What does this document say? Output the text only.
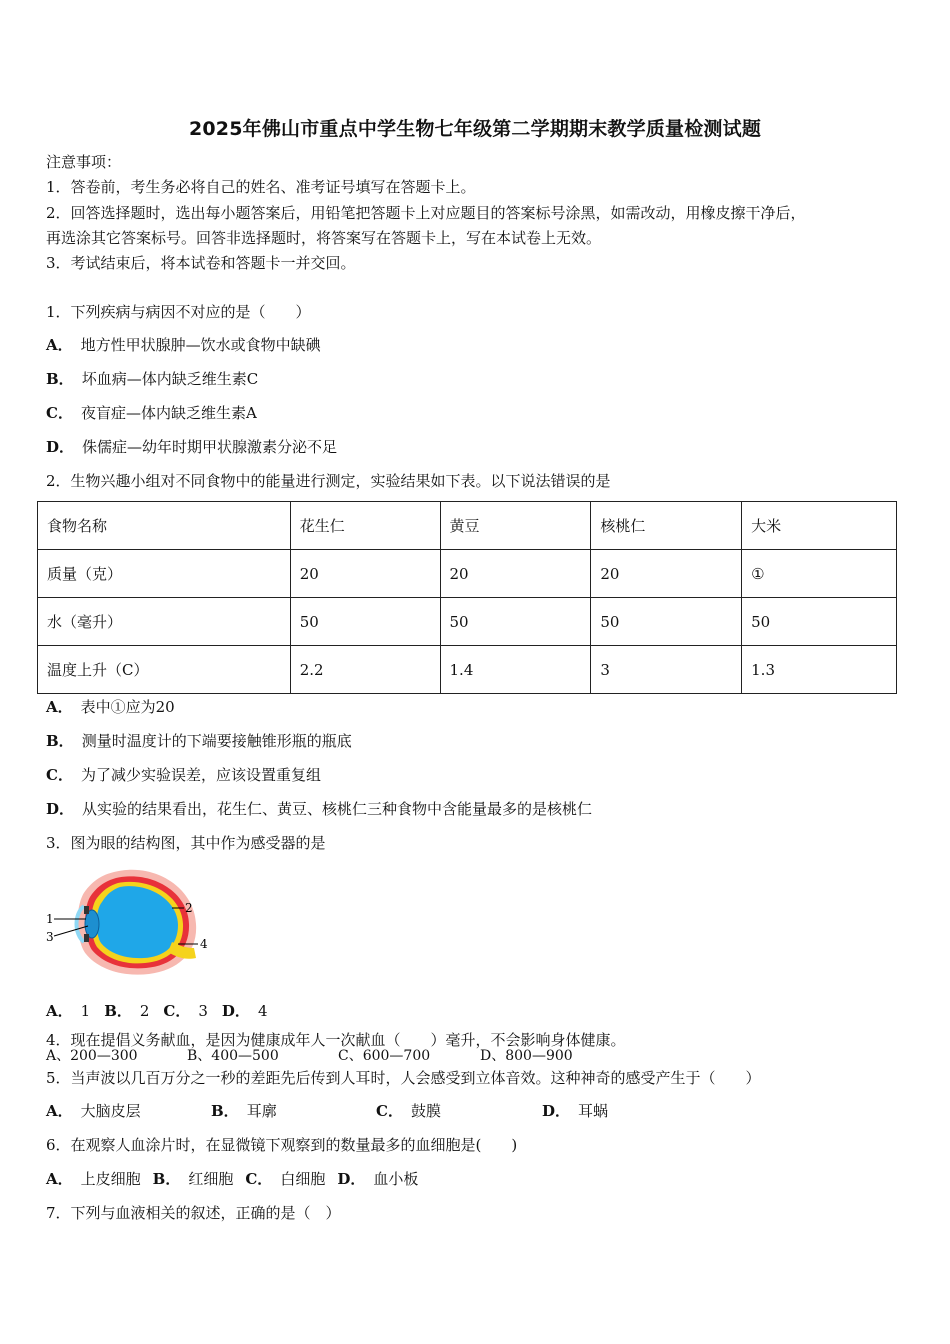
2025年佛山市重点中学生物七年级第二学期期末教学质量检测试题
注意事项：
1．答卷前，考生务必将自己的姓名、准考证号填写在答题卡上。
2．回答选择题时，选出每小题答案后，用铅笔把答题卡上对应题目的答案标号涂黑，如需改动，用橡皮擦干净后，
再选涂其它答案标号。回答非选择题时，将答案写在答题卡上，写在本试卷上无效。
3．考试结束后，将本试卷和答题卡一并交回。
1．下列疾病与病因不对应的是（　　）
A． 地方性甲状腺肿—饮水或食物中缺碘
B． 坏血病—体内缺乏维生素C
C． 夜盲症—体内缺乏维生素A
D． 侏儒症—幼年时期甲状腺激素分泌不足
2．生物兴趣小组对不同食物中的能量进行测定，实验结果如下表。以下说法错误的是
食物名称	花生仁	黄豆	核桃仁	大米
质量（克）	20	20	20	①
水（毫升）	50	50	50	50
温度上升（C）	2.2	1.4	3	1.3
A． 表中①应为20
B． 测量时温度计的下端要接触锥形瓶的瓶底
C． 为了减少实验误差，应该设置重复组
D． 从实验的结果看出，花生仁、黄豆、核桃仁三种食物中含能量最多的是核桃仁
3．图为眼的结构图，其中作为感受器的是
1
2
3	4
A． 1 B． 2 C． 3 D． 4
4．现在提倡义务献血，是因为健康成年人一次献血（　　）毫升，不会影响身体健康。
A、200—300	B、400—500	C、600—700	D、800—900
5．当声波以几百万分之一秒的差距先后传到人耳时，人会感受到立体音效。这种神奇的感受产生于（　　）
A． 大脑皮层	B． 耳廓	C． 鼓膜	D． 耳蜗
6．在观察人血涂片时，在显微镜下观察到的数量最多的血细胞是(　　)
A． 上皮细胞 B． 红细胞 C． 白细胞 D． 血小板
7．下列与血液相关的叙述，正确的是（　）
